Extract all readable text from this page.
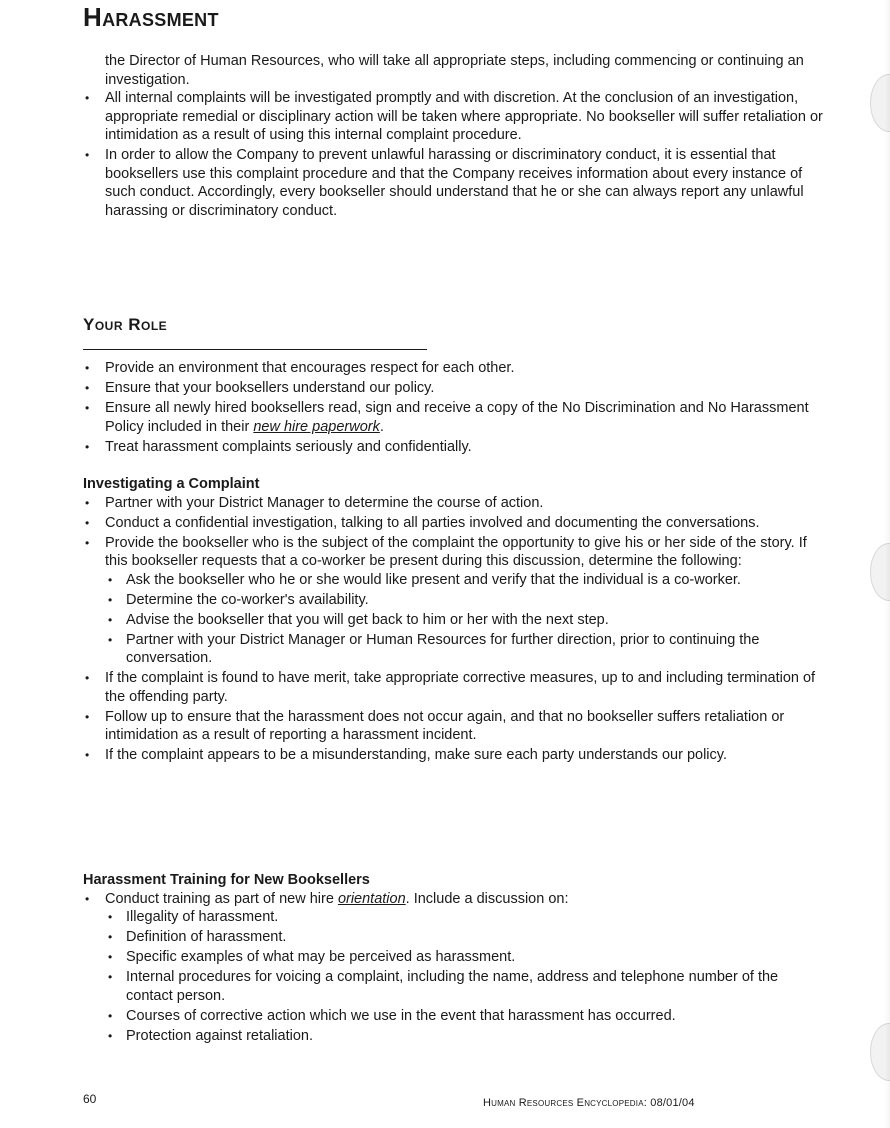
Harassment

the Director of Human Resources, who will take all appropriate steps, including commencing or continuing an investigation.

• All internal complaints will be investigated promptly and with discretion. At the conclusion of an investigation, appropriate remedial or disciplinary action will be taken where appropriate. No bookseller will suffer retaliation or intimidation as a result of using this internal complaint procedure.
• In order to allow the Company to prevent unlawful harassing or discriminatory conduct, it is essential that booksellers use this complaint procedure and that the Company receives information about every instance of such conduct. Accordingly, every bookseller should understand that he or she can always report any unlawful harassing or discriminatory conduct.
Your Role
• Provide an environment that encourages respect for each other.
• Ensure that your booksellers understand our policy.
• Ensure all newly hired booksellers read, sign and receive a copy of the No Discrimination and No Harassment Policy included in their new hire paperwork.
• Treat harassment complaints seriously and confidentially.
Investigating a Complaint
• Partner with your District Manager to determine the course of action.
• Conduct a confidential investigation, talking to all parties involved and documenting the conversations.
• Provide the bookseller who is the subject of the complaint the opportunity to give his or her side of the story. If this bookseller requests that a co-worker be present during this discussion, determine the following:
• Ask the bookseller who he or she would like present and verify that the individual is a co-worker.
• Determine the co-worker's availability.
• Advise the bookseller that you will get back to him or her with the next step.
• Partner with your District Manager or Human Resources for further direction, prior to continuing the conversation.
• If the complaint is found to have merit, take appropriate corrective measures, up to and including termination of the offending party.
• Follow up to ensure that the harassment does not occur again, and that no bookseller suffers retaliation or intimidation as a result of reporting a harassment incident.
• If the complaint appears to be a misunderstanding, make sure each party understands our policy.
Harassment Training for New Booksellers
• Conduct training as part of new hire orientation. Include a discussion on:
• Illegality of harassment.
• Definition of harassment.
• Specific examples of what may be perceived as harassment.
• Internal procedures for voicing a complaint, including the name, address and telephone number of the contact person.
• Courses of corrective action which we use in the event that harassment has occurred.
• Protection against retaliation.
60	Human Resources Encyclopedia: 08/01/04
